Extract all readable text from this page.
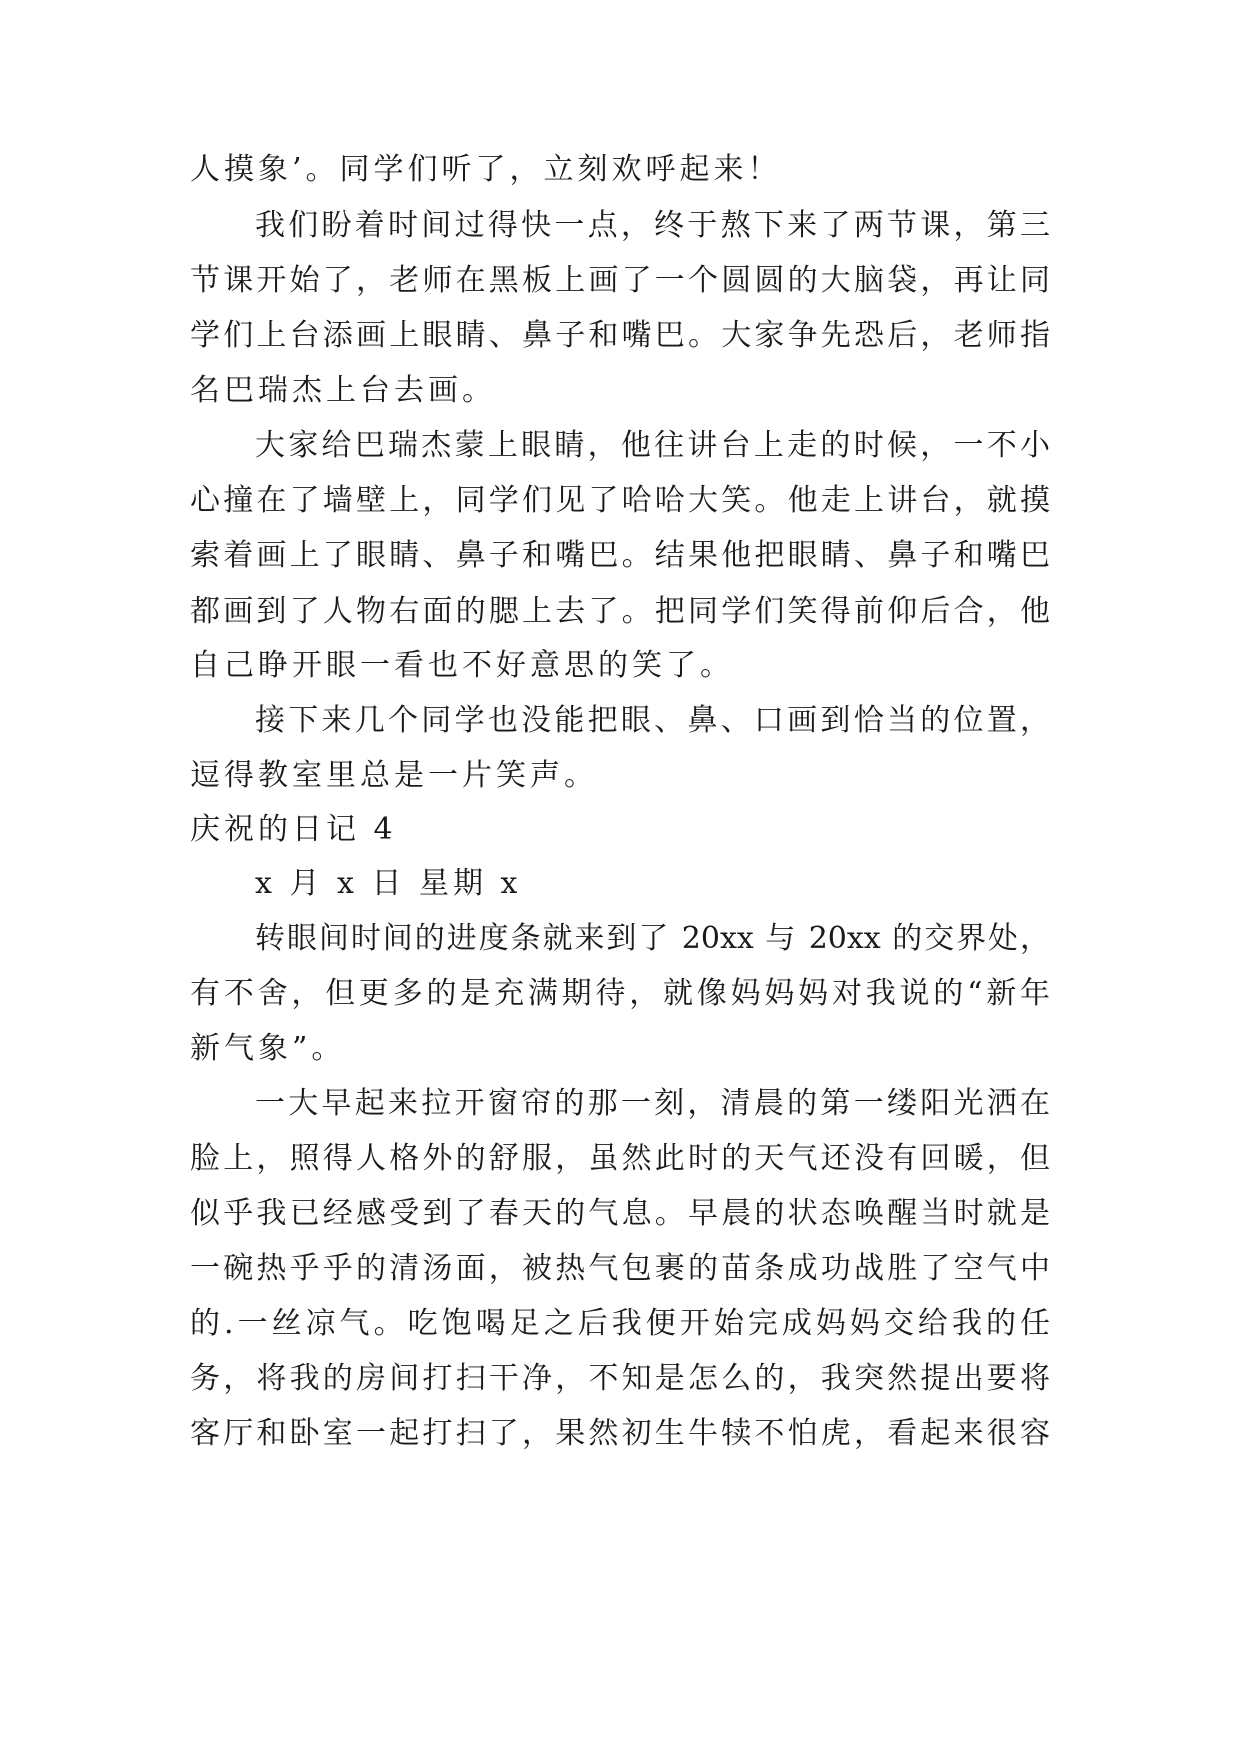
人摸象’。同学们听了，立刻欢呼起来！

我们盼着时间过得快一点，终于熬下来了两节课，第三

节课开始了，老师在黑板上画了一个圆圆的大脑袋，再让同

学们上台添画上眼睛、鼻子和嘴巴。大家争先恐后，老师指

名巴瑞杰上台去画。

大家给巴瑞杰蒙上眼睛，他往讲台上走的时候，一不小

心撞在了墙壁上，同学们见了哈哈大笑。他走上讲台，就摸

索着画上了眼睛、鼻子和嘴巴。结果他把眼睛、鼻子和嘴巴

都画到了人物右面的腮上去了。把同学们笑得前仰后合，他

自己睁开眼一看也不好意思的笑了。

接下来几个同学也没能把眼、鼻、口画到恰当的位置，

逗得教室里总是一片笑声。

庆祝的日记 4

x 月 x 日 星期 x

转眼间时间的进度条就来到了 20xx 与 20xx 的交界处，

有不舍，但更多的是充满期待，就像妈妈妈对我说的“新年

新气象”。

一大早起来拉开窗帘的那一刻，清晨的第一缕阳光洒在

脸上，照得人格外的舒服，虽然此时的天气还没有回暖，但

似乎我已经感受到了春天的气息。早晨的状态唤醒当时就是

一碗热乎乎的清汤面，被热气包裹的苗条成功战胜了空气中

的.一丝凉气。吃饱喝足之后我便开始完成妈妈交给我的任

务，将我的房间打扫干净，不知是怎么的，我突然提出要将

客厅和卧室一起打扫了，果然初生牛犊不怕虎，看起来很容
